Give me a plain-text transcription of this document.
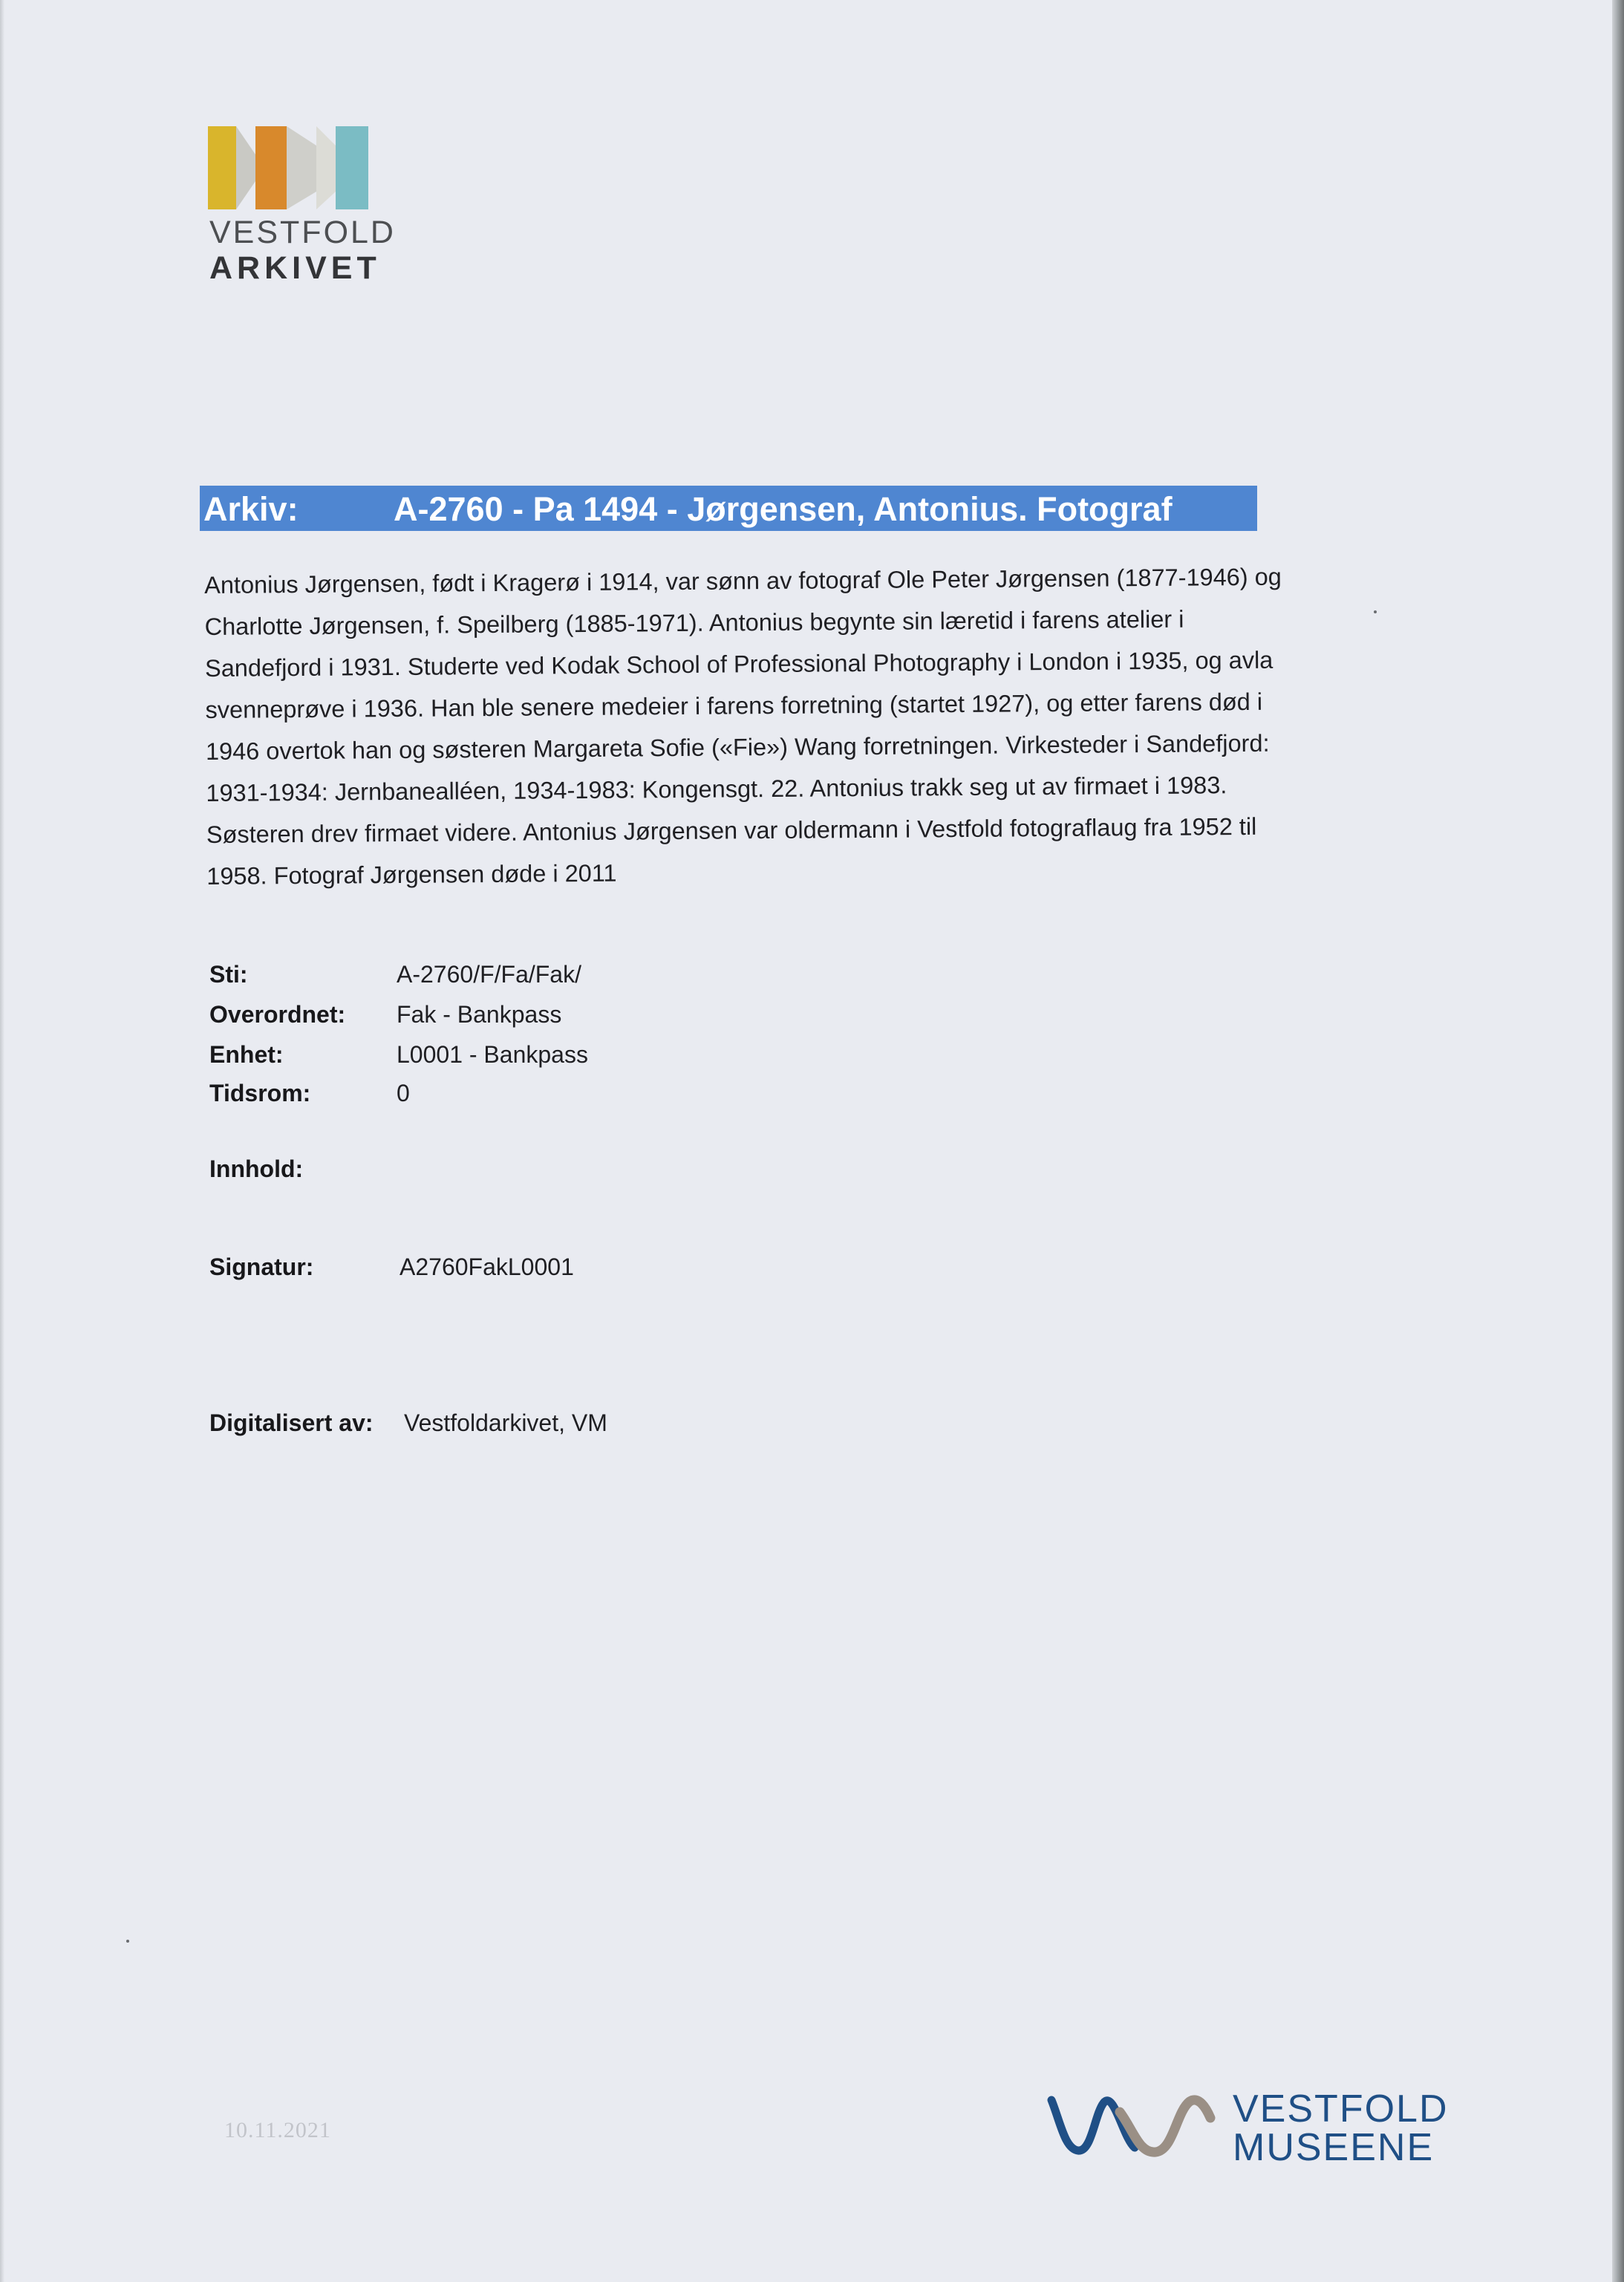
VESTFOLD
ARKIVET
Arkiv:	A-2760 - Pa 1494 - Jørgensen, Antonius. Fotograf
Antonius Jørgensen, født i Kragerø i 1914, var sønn av fotograf Ole Peter Jørgensen (1877-1946) og
Charlotte Jørgensen, f. Speilberg (1885-1971). Antonius begynte sin læretid i farens atelier i
Sandefjord i 1931. Studerte ved Kodak School of Professional Photography i London i 1935, og avla
svenneprøve i 1936. Han ble senere medeier i farens forretning (startet 1927), og etter farens død i
1946 overtok han og søsteren Margareta Sofie («Fie») Wang forretningen. Virkesteder i Sandefjord:
1931-1934: Jernbanealléen, 1934-1983: Kongensgt. 22. Antonius trakk seg ut av firmaet i 1983.
Søsteren drev firmaet videre. Antonius Jørgensen var oldermann i Vestfold fotograflaug fra 1952 til
1958. Fotograf Jørgensen døde i 2011
Sti:	A-2760/F/Fa/Fak/
Overordnet: Fak - Bankpass
Enhet:	L0001 - Bankpass
Tidsrom:	0
Innhold:
Signatur:	A2760FakL0001
Digitalisert av: Vestfoldarkivet, VM
10.11.2021	VESTFOLD
MUSEENE
